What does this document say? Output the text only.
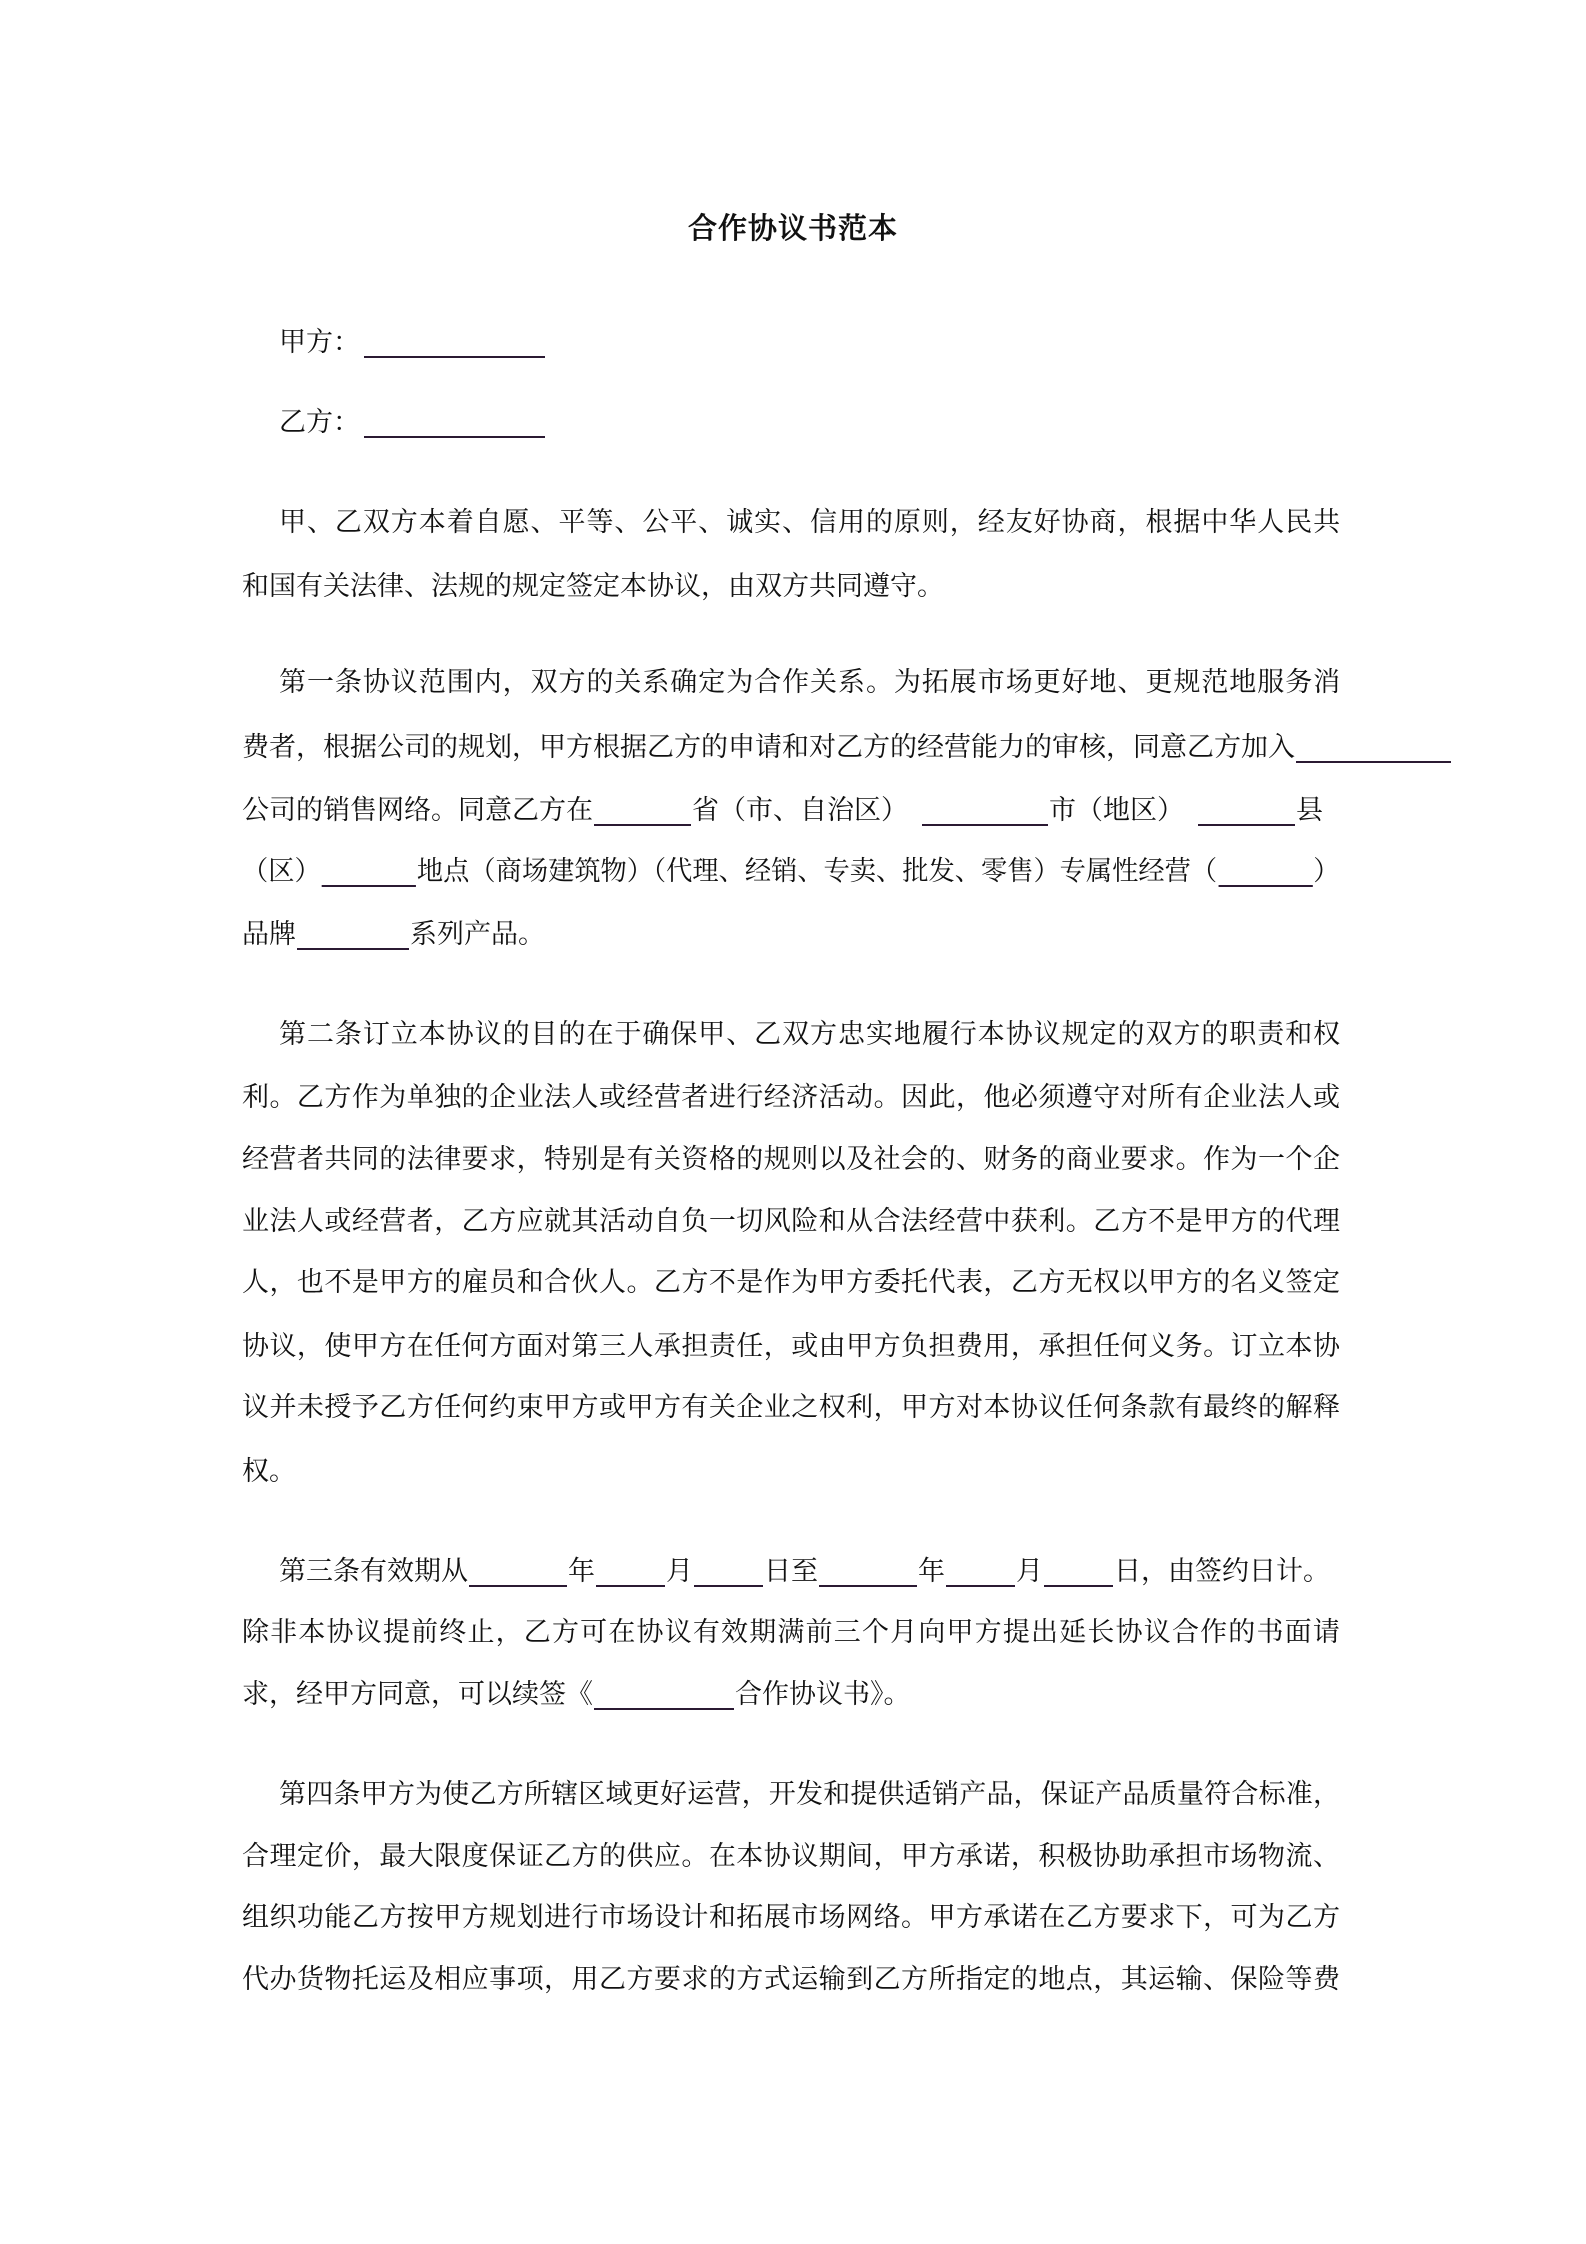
合作协议书范本
甲方：
乙方：
甲、乙双方本着自愿、平等、公平、诚实、信用的原则，经友好协商，根据中华人民共
和国有关法律、法规的规定签定本协议，由双方共同遵守。
第一条协议范围内，双方的关系确定为合作关系。为拓展市场更好地、更规范地服务消
费者，根据公司的规划，甲方根据乙方的申请和对乙方的经营能力的审核，同意乙方加入
公司的销售网络。同意乙方在	省（市、自治区）	市（地区）	县
（区）	地点（商场建筑物）（代理、经销、专卖、批发、零售）专属性经营（	）
品牌	系列产品。
第二条订立本协议的目的在于确保甲、乙双方忠实地履行本协议规定的双方的职责和权
利。乙方作为单独的企业法人或经营者进行经济活动。因此，他必须遵守对所有企业法人或
经营者共同的法律要求，特别是有关资格的规则以及社会的、财务的商业要求。作为一个企
业法人或经营者，乙方应就其活动自负一切风险和从合法经营中获利。乙方不是甲方的代理
人，也不是甲方的雇员和合伙人。乙方不是作为甲方委托代表，乙方无权以甲方的名义签定
协议，使甲方在任何方面对第三人承担责任，或由甲方负担费用，承担任何义务。订立本协
议并未授予乙方任何约束甲方或甲方有关企业之权利，甲方对本协议任何条款有最终的解释
权。
第三条有效期从	年	月	日至	年	月	日，由签约日计。
除非本协议提前终止，乙方可在协议有效期满前三个月向甲方提出延长协议合作的书面请
求，经甲方同意，可以续签《	合作协议书》。
第四条甲方为使乙方所辖区域更好运营，开发和提供适销产品，保证产品质量符合标准，
合理定价，最大限度保证乙方的供应。在本协议期间，甲方承诺，积极协助承担市场物流、
组织功能乙方按甲方规划进行市场设计和拓展市场网络。甲方承诺在乙方要求下，可为乙方
代办货物托运及相应事项，用乙方要求的方式运输到乙方所指定的地点，其运输、保险等费
